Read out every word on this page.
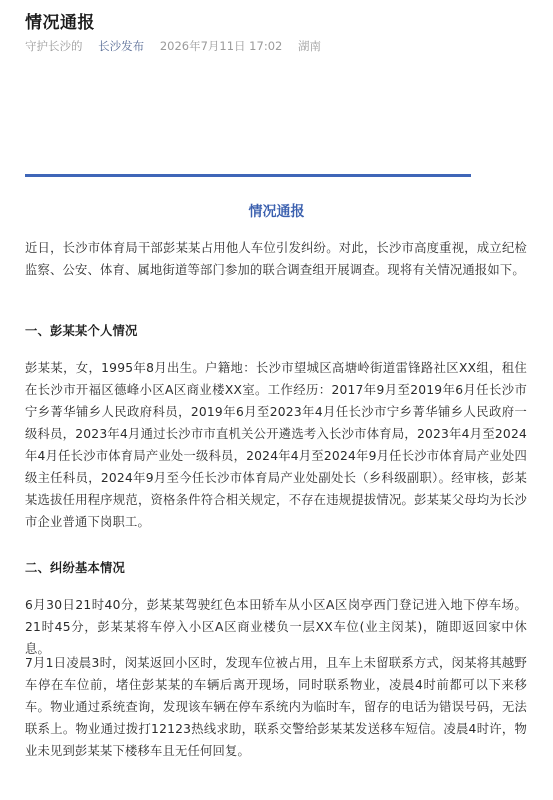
情况通报
守护长沙的 长沙发布 2026年7月11日 17:02 湖南
情况通报

近日，长沙市体育局干部彭某某占用他人车位引发纠纷。对此，长沙市高度重视，成立纪检监察、公安、体育、属地街道等部门参加的联合调查组开展调查。现将有关情况通报如下。

一、彭某某个人情况

彭某某，女，1995年8月出生。户籍地：长沙市望城区高塘岭街道雷锋路社区XX组，租住在长沙市开福区德峰小区A区商业楼XX室。工作经历：2017年9月至2019年6月任长沙市宁乡菁华铺乡人民政府科员，2019年6月至2023年4月任长沙市宁乡菁华铺乡人民政府一级科员，2023年4月通过长沙市市直机关公开遴选考入长沙市体育局，2023年4月至2024年4月任长沙市体育局产业处一级科员，2024年4月至2024年9月任长沙市体育局产业处四级主任科员，2024年9月至今任长沙市体育局产业处副处长（乡科级副职）。经审核，彭某某选拔任用程序规范，资格条件符合相关规定，不存在违规提拔情况。彭某某父母均为长沙市企业普通下岗职工。

二、纠纷基本情况

6月30日21时40分，彭某某驾驶红色本田轿车从小区A区岗亭西门登记进入地下停车场。21时45分，彭某某将车停入小区A区商业楼负一层XX车位(业主闵某)，随即返回家中休息。

7月1日凌晨3时，闵某返回小区时，发现车位被占用，且车上未留联系方式，闵某将其越野车停在车位前，堵住彭某某的车辆后离开现场，同时联系物业，凌晨4时前都可以下来移车。物业通过系统查询，发现该车辆在停车系统内为临时车，留存的电话为错误号码，无法联系上。物业通过拨打12123热线求助，联系交警给彭某某发送移车短信。凌晨4时许，物业未见到彭某某下楼移车且无任何回复。
